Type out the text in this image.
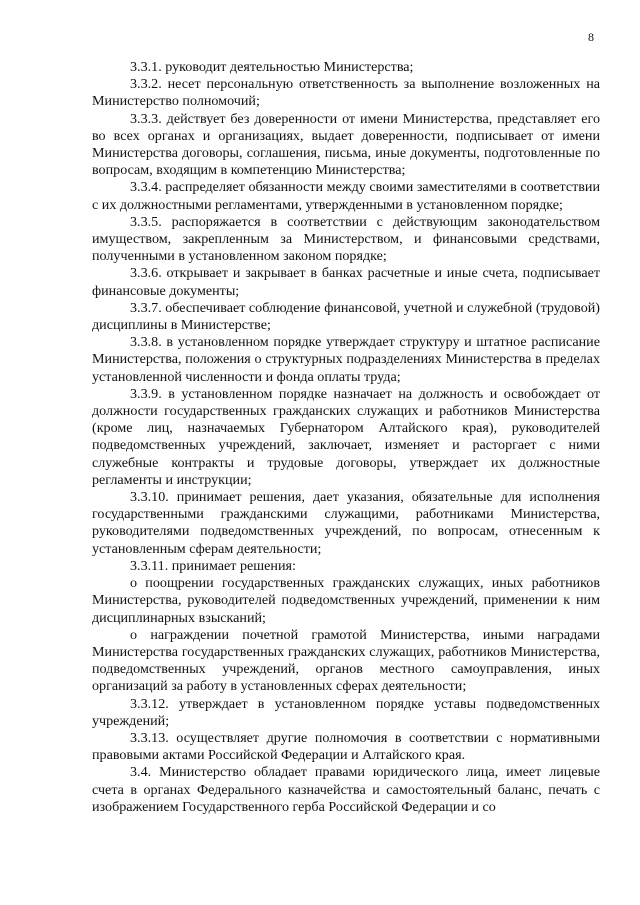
8

3.3.1. руководит деятельностью Министерства;

3.3.2. несет персональную ответственность за выполнение возложенных на Министерство полномочий;

3.3.3. действует без доверенности от имени Министерства, представляет его во всех органах и организациях, выдает доверенности, подписывает от имени Министерства договоры, соглашения, письма, иные документы, подготовленные по вопросам, входящим в компетенцию Министерства;

3.3.4. распределяет обязанности между своими заместителями в соответствии с их должностными регламентами, утвержденными в установленном порядке;

3.3.5. распоряжается в соответствии с действующим законодательством имуществом, закрепленным за Министерством, и финансовыми средствами, полученными в установленном законом порядке;

3.3.6. открывает и закрывает в банках расчетные и иные счета, подписывает финансовые документы;

3.3.7. обеспечивает соблюдение финансовой, учетной и служебной (трудовой) дисциплины в Министерстве;

3.3.8. в установленном порядке утверждает структуру и штатное расписание Министерства, положения о структурных подразделениях Министерства в пределах установленной численности и фонда оплаты труда;

3.3.9. в установленном порядке назначает на должность и освобождает от должности государственных гражданских служащих и работников Министерства (кроме лиц, назначаемых Губернатором Алтайского края), руководителей подведомственных учреждений, заключает, изменяет и расторгает с ними служебные контракты и трудовые договоры, утверждает их должностные регламенты и инструкции;

3.3.10. принимает решения, дает указания, обязательные для исполнения государственными гражданскими служащими, работниками Министерства, руководителями подведомственных учреждений, по вопросам, отнесенным к установленным сферам деятельности;

3.3.11. принимает решения:

о поощрении государственных гражданских служащих, иных работников Министерства, руководителей подведомственных учреждений, применении к ним дисциплинарных взысканий;

о награждении почетной грамотой Министерства, иными наградами Министерства государственных гражданских служащих, работников Министерства, подведомственных учреждений, органов местного самоуправления, иных организаций за работу в установленных сферах деятельности;

3.3.12. утверждает в установленном порядке уставы подведомственных учреждений;

3.3.13. осуществляет другие полномочия в соответствии с нормативными правовыми актами Российской Федерации и Алтайского края.

3.4. Министерство обладает правами юридического лица, имеет лицевые счета в органах Федерального казначейства и самостоятельный баланс, печать с изображением Государственного герба Российской Федерации и со
